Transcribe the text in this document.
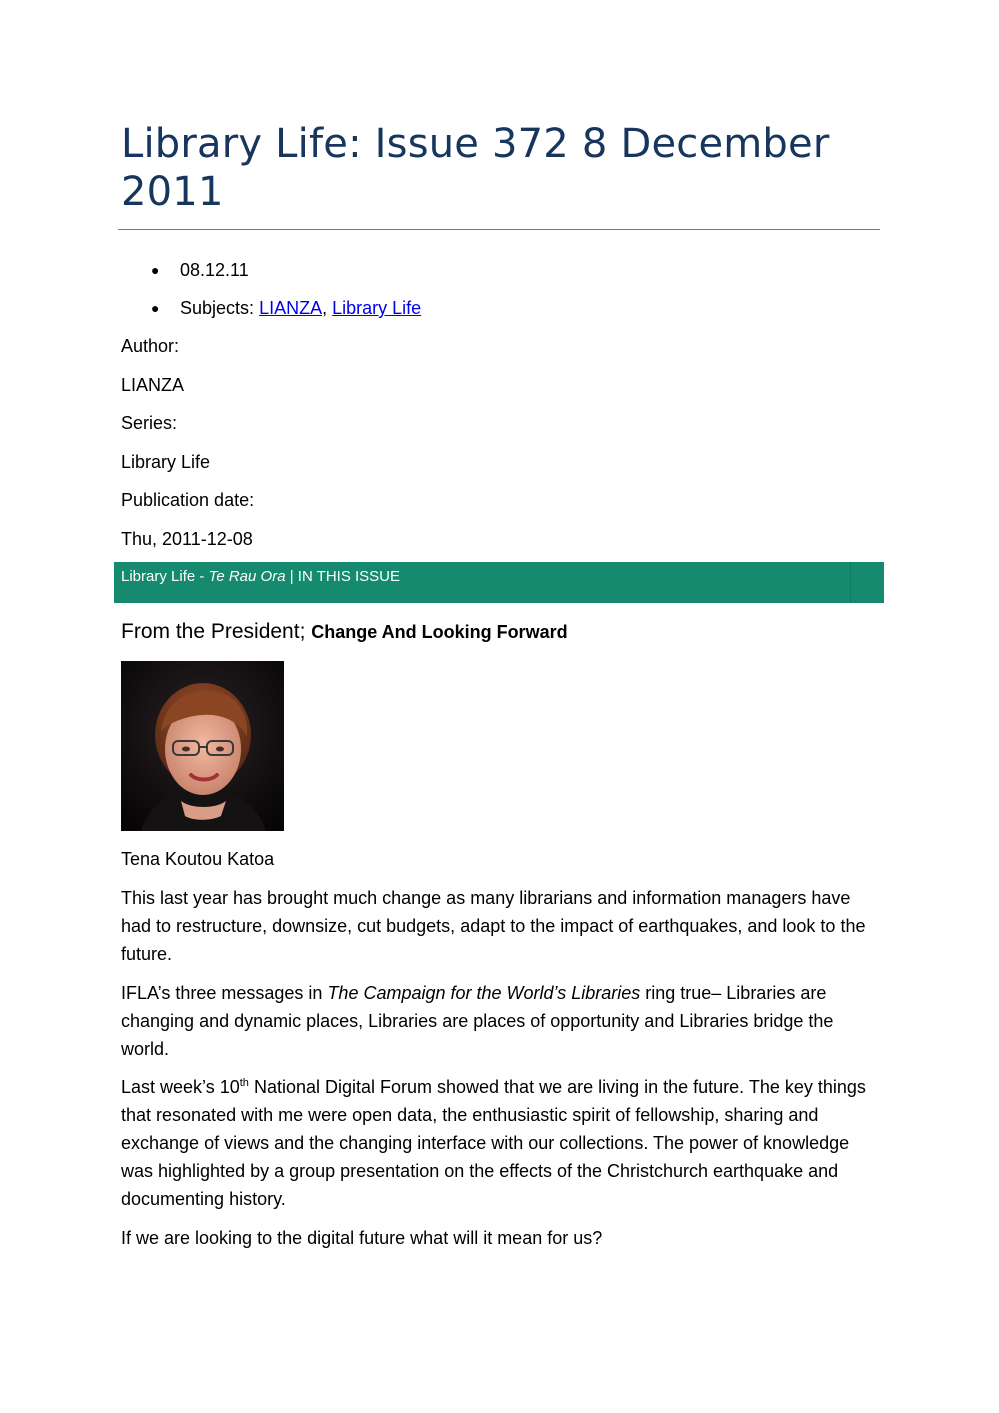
Library Life: Issue 372 8 December 2011
● 08.12.11
● Subjects: LIANZA, Library Life

Author:

LIANZA

Series:

Library Life

Publication date:

Thu, 2011-12-08

Library Life - Te Rau Ora | IN THIS ISSUE
From the President; Change And Looking Forward

Tena Koutou Katoa

This last year has brought much change as many librarians and information managers have had to restructure, downsize, cut budgets, adapt to the impact of earthquakes, and look to the future.

IFLA’s three messages in The Campaign for the World’s Libraries ring true– Libraries are changing and dynamic places, Libraries are places of opportunity and Libraries bridge the world.

Last week’s 10th National Digital Forum showed that we are living in the future. The key things that resonated with me were open data, the enthusiastic spirit of fellowship, sharing and exchange of views and the changing interface with our collections. The power of knowledge was highlighted by a group presentation on the effects of the Christchurch earthquake and documenting history.

If we are looking to the digital future what will it mean for us?
